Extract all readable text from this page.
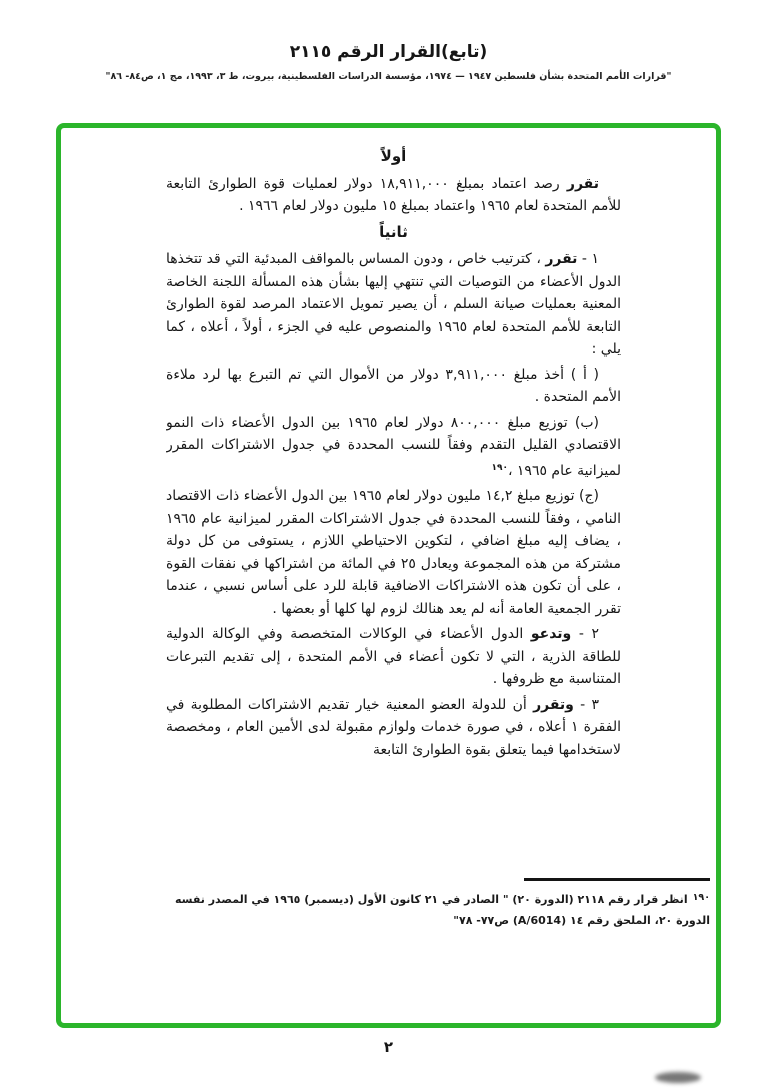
(تابع)القرار الرقم ٢١١٥
"قرارات الأمم المتحدة بشأن فلسطين ١٩٤٧ — ١٩٧٤، مؤسسة الدراسات الفلسطينية، بيروت، ط ٣، ١٩٩٣، مج ١، ص٨٤- ٨٦"
أولاً

تقرر رصد اعتماد بمبلغ ١٨,٩١١,٠٠٠ دولار لعمليات قوة الطوارئ التابعة للأمم المتحدة لعام ١٩٦٥ واعتماد بمبلغ ١٥ مليون دولار لعام ١٩٦٦ .

ثانياً

١ - تقرر ، كترتيب خاص ، ودون المساس بالمواقف المبدئية التي قد تتخذها الدول الأعضاء من التوصيات التي تنتهي إليها بشأن هذه المسألة اللجنة الخاصة المعنية بعمليات صيانة السلم ، أن يصير تمويل الاعتماد المرصد لقوة الطوارئ التابعة للأمم المتحدة لعام ١٩٦٥ والمنصوص عليه في الجزء ، أولاً ، أعلاه ، كما يلي :

( أ ) أخذ مبلغ ٣,٩١١,٠٠٠ دولار من الأموال التي تم التبرع بها لرد ملاءة الأمم المتحدة .

(ب) توزيع مبلغ ٨٠٠,٠٠٠ دولار لعام ١٩٦٥ بين الدول الأعضاء ذات النمو الاقتصادي القليل التقدم وفقاً للنسب المحددة في جدول الاشتراكات المقرر لميزانية عام ١٩٦٥ ،$^{١٩٠}$

(ج) توزيع مبلغ ١٤,٢ مليون دولار لعام ١٩٦٥ بين الدول الأعضاء ذات الاقتصاد النامي ، وفقاً للنسب المحددة في جدول الاشتراكات المقرر لميزانية عام ١٩٦٥ ، يضاف إليه مبلغ اضافي ، لتكوين الاحتياطي اللازم ، يستوفى من كل دولة مشتركة من هذه المجموعة ويعادل ٢٥ في المائة من اشتراكها في نفقات القوة ، على أن تكون هذه الاشتراكات الاضافية قابلة للرد على أساس نسبي ، عندما تقرر الجمعية العامة أنه لم يعد هنالك لزوم لها كلها أو بعضها .

٢ - وتدعو الدول الأعضاء في الوكالات المتخصصة وفي الوكالة الدولية للطاقة الذرية ، التي لا تكون أعضاء في الأمم المتحدة ، إلى تقديم التبرعات المتناسبة مع ظروفها .

٣ - وتقرر أن للدولة العضو المعنية خيار تقديم الاشتراكات المطلوبة في الفقرة ١ أعلاه ، في صورة خدمات ولوازم مقبولة لدى الأمين العام ، ومخصصة لاستخدامها فيما يتعلق بقوة الطوارئ التابعة

١٩٠انظر قرار رقم ٢١١٨ (الدورة ٢٠) " الصادر في ٢١ كانون الأول (ديسمبر) ١٩٦٥ في المصدر نفسه
الدورة ٢٠، الملحق رقم ١٤ (A/6014) ص٧٧- ٧٨"
٢
